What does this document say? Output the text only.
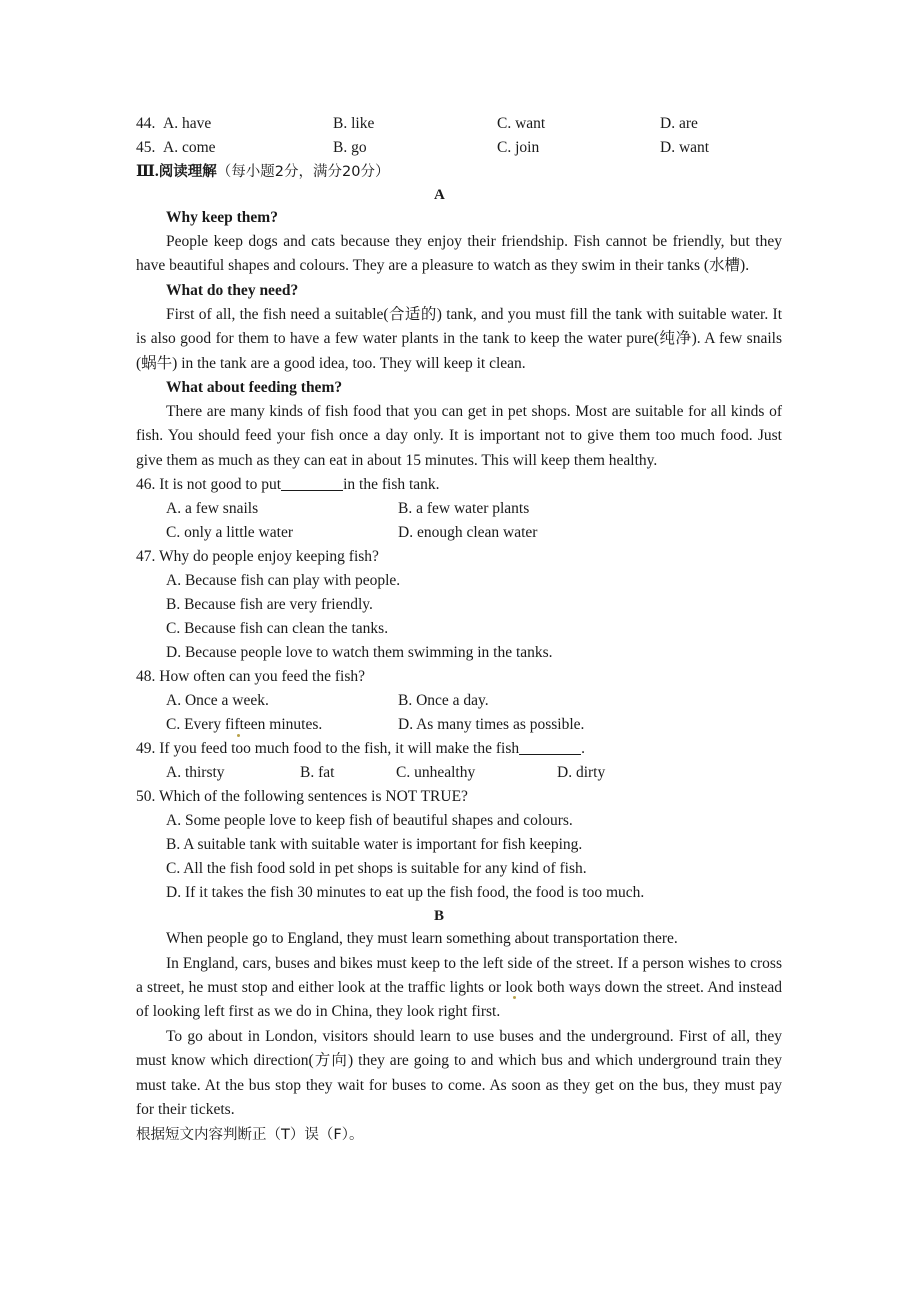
44. A. have	B. like	C. want	D. are
45. A. come	B. go	C. join	D. want

Ⅲ.阅读理解（每小题2分，满分20分）

A

Why keep them?

People keep dogs and cats because they enjoy their friendship. Fish cannot be friendly, but they have beautiful shapes and colours. They are a pleasure to watch as they swim in their tanks (水槽).

What do they need?

First of all, the fish need a suitable(合适的) tank, and you must fill the tank with suitable water. It is also good for them to have a few water plants in the tank to keep the water pure(纯净). A few snails (蜗牛) in the tank are a good idea, too. They will keep it clean.

What about feeding them?

There are many kinds of fish food that you can get in pet shops. Most are suitable for all kinds of fish. You should feed your fish once a day only. It is important not to give them too much food. Just give them as much as they can eat in about 15 minutes. This will keep them healthy.

46. It is not good to put	in the fish tank.

A. a few snails	B. a few water plants
C. only a little water	D. enough clean water

47. Why do people enjoy keeping fish?

A. Because fish can play with people.

B. Because fish are very friendly.

C. Because fish can clean the tanks.

D. Because people love to watch them swimming in the tanks.

48. How often can you feed the fish?

A. Once a week.	B. Once a day.
C. Every fifteen minutes.	D. As many times as possible.

49. If you feed too much food to the fish, it will make the fish	.

A. thirsty	B. fat	C. unhealthy	D. dirty

50. Which of the following sentences is NOT TRUE?

A. Some people love to keep fish of beautiful shapes and colours.

B. A suitable tank with suitable water is important for fish keeping.

C. All the fish food sold in pet shops is suitable for any kind of fish.

D. If it takes the fish 30 minutes to eat up the fish food, the food is too much.

B

When people go to England, they must learn something about transportation there.

In England, cars, buses and bikes must keep to the left side of the street. If a person wishes to cross a street, he must stop and either look at the traffic lights or look both ways down the street. And instead of looking left first as we do in China, they look right first.

To go about in London, visitors should learn to use buses and the underground. First of all, they must know which direction(方向) they are going to and which bus and which underground train they must take. At the bus stop they wait for buses to come. As soon as they get on the bus, they must pay for their tickets.

根据短文内容判断正（T）误（F）。
